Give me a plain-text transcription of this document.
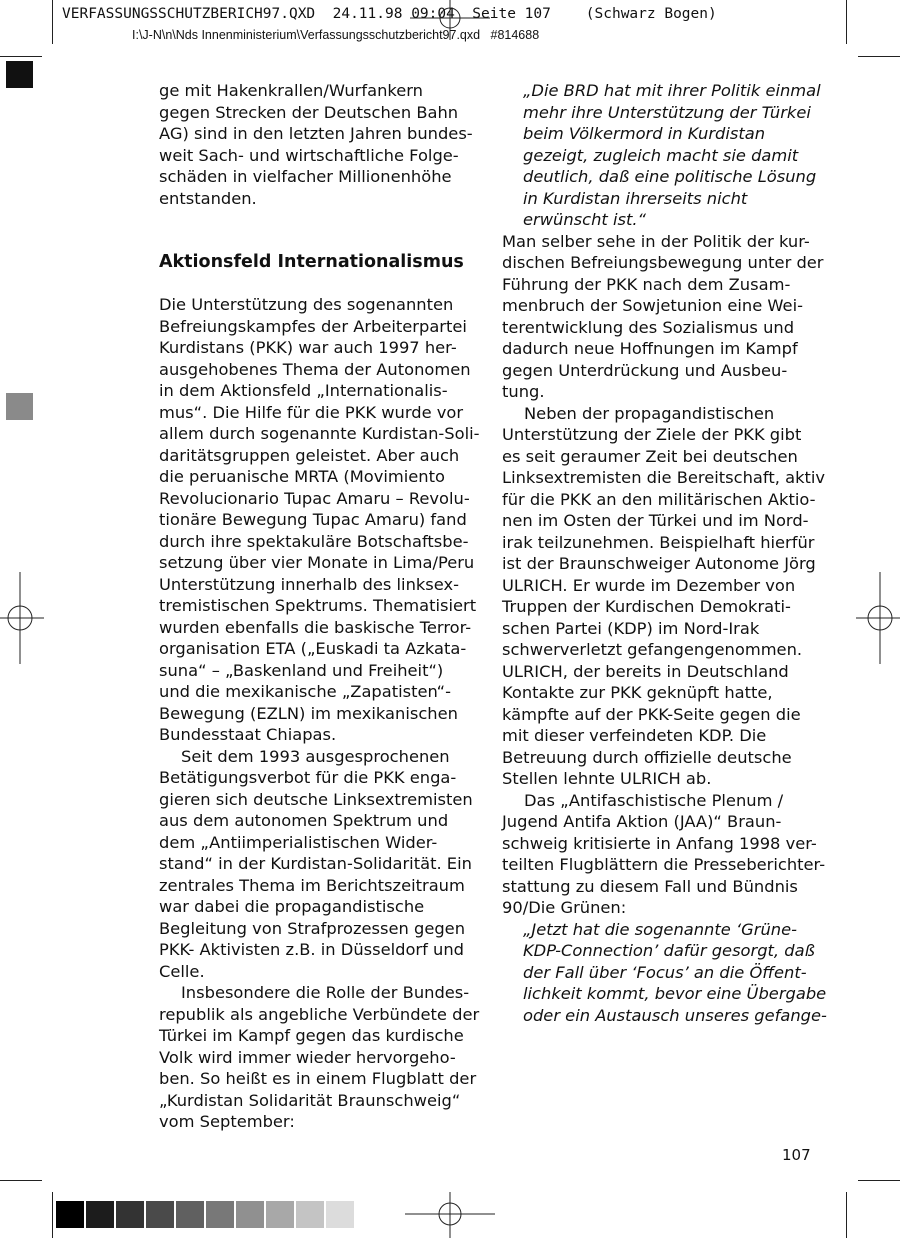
VERFASSUNGSSCHUTZBERICH97.QXD  24.11.98 09:04  Seite 107    (Schwarz Bogen)

I:\J-N\n\Nds Innenministerium\Verfassungsschutzbericht97.qxd   #814688

ge mit Hakenkrallen/Wurfankern

gegen Strecken der Deutschen Bahn

AG) sind in den letzten Jahren bundes-

weit Sach- und wirtschaftliche Folge-

schäden in vielfacher Millionenhöhe

entstanden.

Aktionsfeld Internationalismus

Die Unterstützung des sogenannten

Befreiungskampfes der Arbeiterpartei

Kurdistans (PKK) war auch 1997 her-

ausgehobenes Thema der Autonomen

in dem Aktionsfeld „Internationalis-

mus“. Die Hilfe für die PKK wurde vor

allem durch sogenannte Kurdistan-Soli-

daritätsgruppen geleistet. Aber auch

die peruanische MRTA (Movimiento

Revolucionario Tupac Amaru – Revolu-

tionäre Bewegung Tupac Amaru) fand

durch ihre spektakuläre Botschaftsbe-

setzung über vier Monate in Lima/Peru

Unterstützung innerhalb des linksex-

tremistischen Spektrums. Thematisiert

wurden ebenfalls die baskische Terror-

organisation ETA („Euskadi ta Azkata-

suna“ – „Baskenland und Freiheit“)

und die mexikanische „Zapatisten“-

Bewegung (EZLN) im mexikanischen

Bundesstaat Chiapas.

Seit dem 1993 ausgesprochenen

Betätigungsverbot für die PKK enga-

gieren sich deutsche Linksextremisten

aus dem autonomen Spektrum und

dem „Antiimperialistischen Wider-

stand“ in der Kurdistan-Solidarität. Ein

zentrales Thema im Berichtszeitraum

war dabei die propagandistische

Begleitung von Strafprozessen gegen

PKK- Aktivisten z.B. in Düsseldorf und

Celle.

Insbesondere die Rolle der Bundes-

republik als angebliche Verbündete der

Türkei im Kampf gegen das kurdische

Volk wird immer wieder hervorgeho-

ben. So heißt es in einem Flugblatt der

„Kurdistan Solidarität Braunschweig“

vom September:

„Die BRD hat mit ihrer Politik einmal

mehr ihre Unterstützung der Türkei

beim Völkermord in Kurdistan

gezeigt, zugleich macht sie damit

deutlich, daß eine politische Lösung

in Kurdistan ihrerseits nicht

erwünscht ist.“

Man selber sehe in der Politik der kur-

dischen Befreiungsbewegung unter der

Führung der PKK nach dem Zusam-

menbruch der Sowjetunion eine Wei-

terentwicklung des Sozialismus und

dadurch neue Hoffnungen im Kampf

gegen Unterdrückung und Ausbeu-

tung.

Neben der propagandistischen

Unterstützung der Ziele der PKK gibt

es seit geraumer Zeit bei deutschen

Linksextremisten die Bereitschaft, aktiv

für die PKK an den militärischen Aktio-

nen im Osten der Türkei und im Nord-

irak teilzunehmen. Beispielhaft hierfür

ist der Braunschweiger Autonome Jörg

ULRICH. Er wurde im Dezember von

Truppen der Kurdischen Demokrati-

schen Partei (KDP) im Nord-Irak

schwerverletzt gefangengenommen.

ULRICH, der bereits in Deutschland

Kontakte zur PKK geknüpft hatte,

kämpfte auf der PKK-Seite gegen die

mit dieser verfeindeten KDP. Die

Betreuung durch offizielle deutsche

Stellen lehnte ULRICH ab.

Das „Antifaschistische Plenum /

Jugend Antifa Aktion (JAA)“ Braun-

schweig kritisierte in Anfang 1998 ver-

teilten Flugblättern die Presseberichter-

stattung zu diesem Fall und Bündnis

90/Die Grünen:

„Jetzt hat die sogenannte ‘Grüne-

KDP-Connection’ dafür gesorgt, daß

der Fall über ‘Focus’ an die Öffent-

lichkeit kommt, bevor eine Übergabe

oder ein Austausch unseres gefange-

107
